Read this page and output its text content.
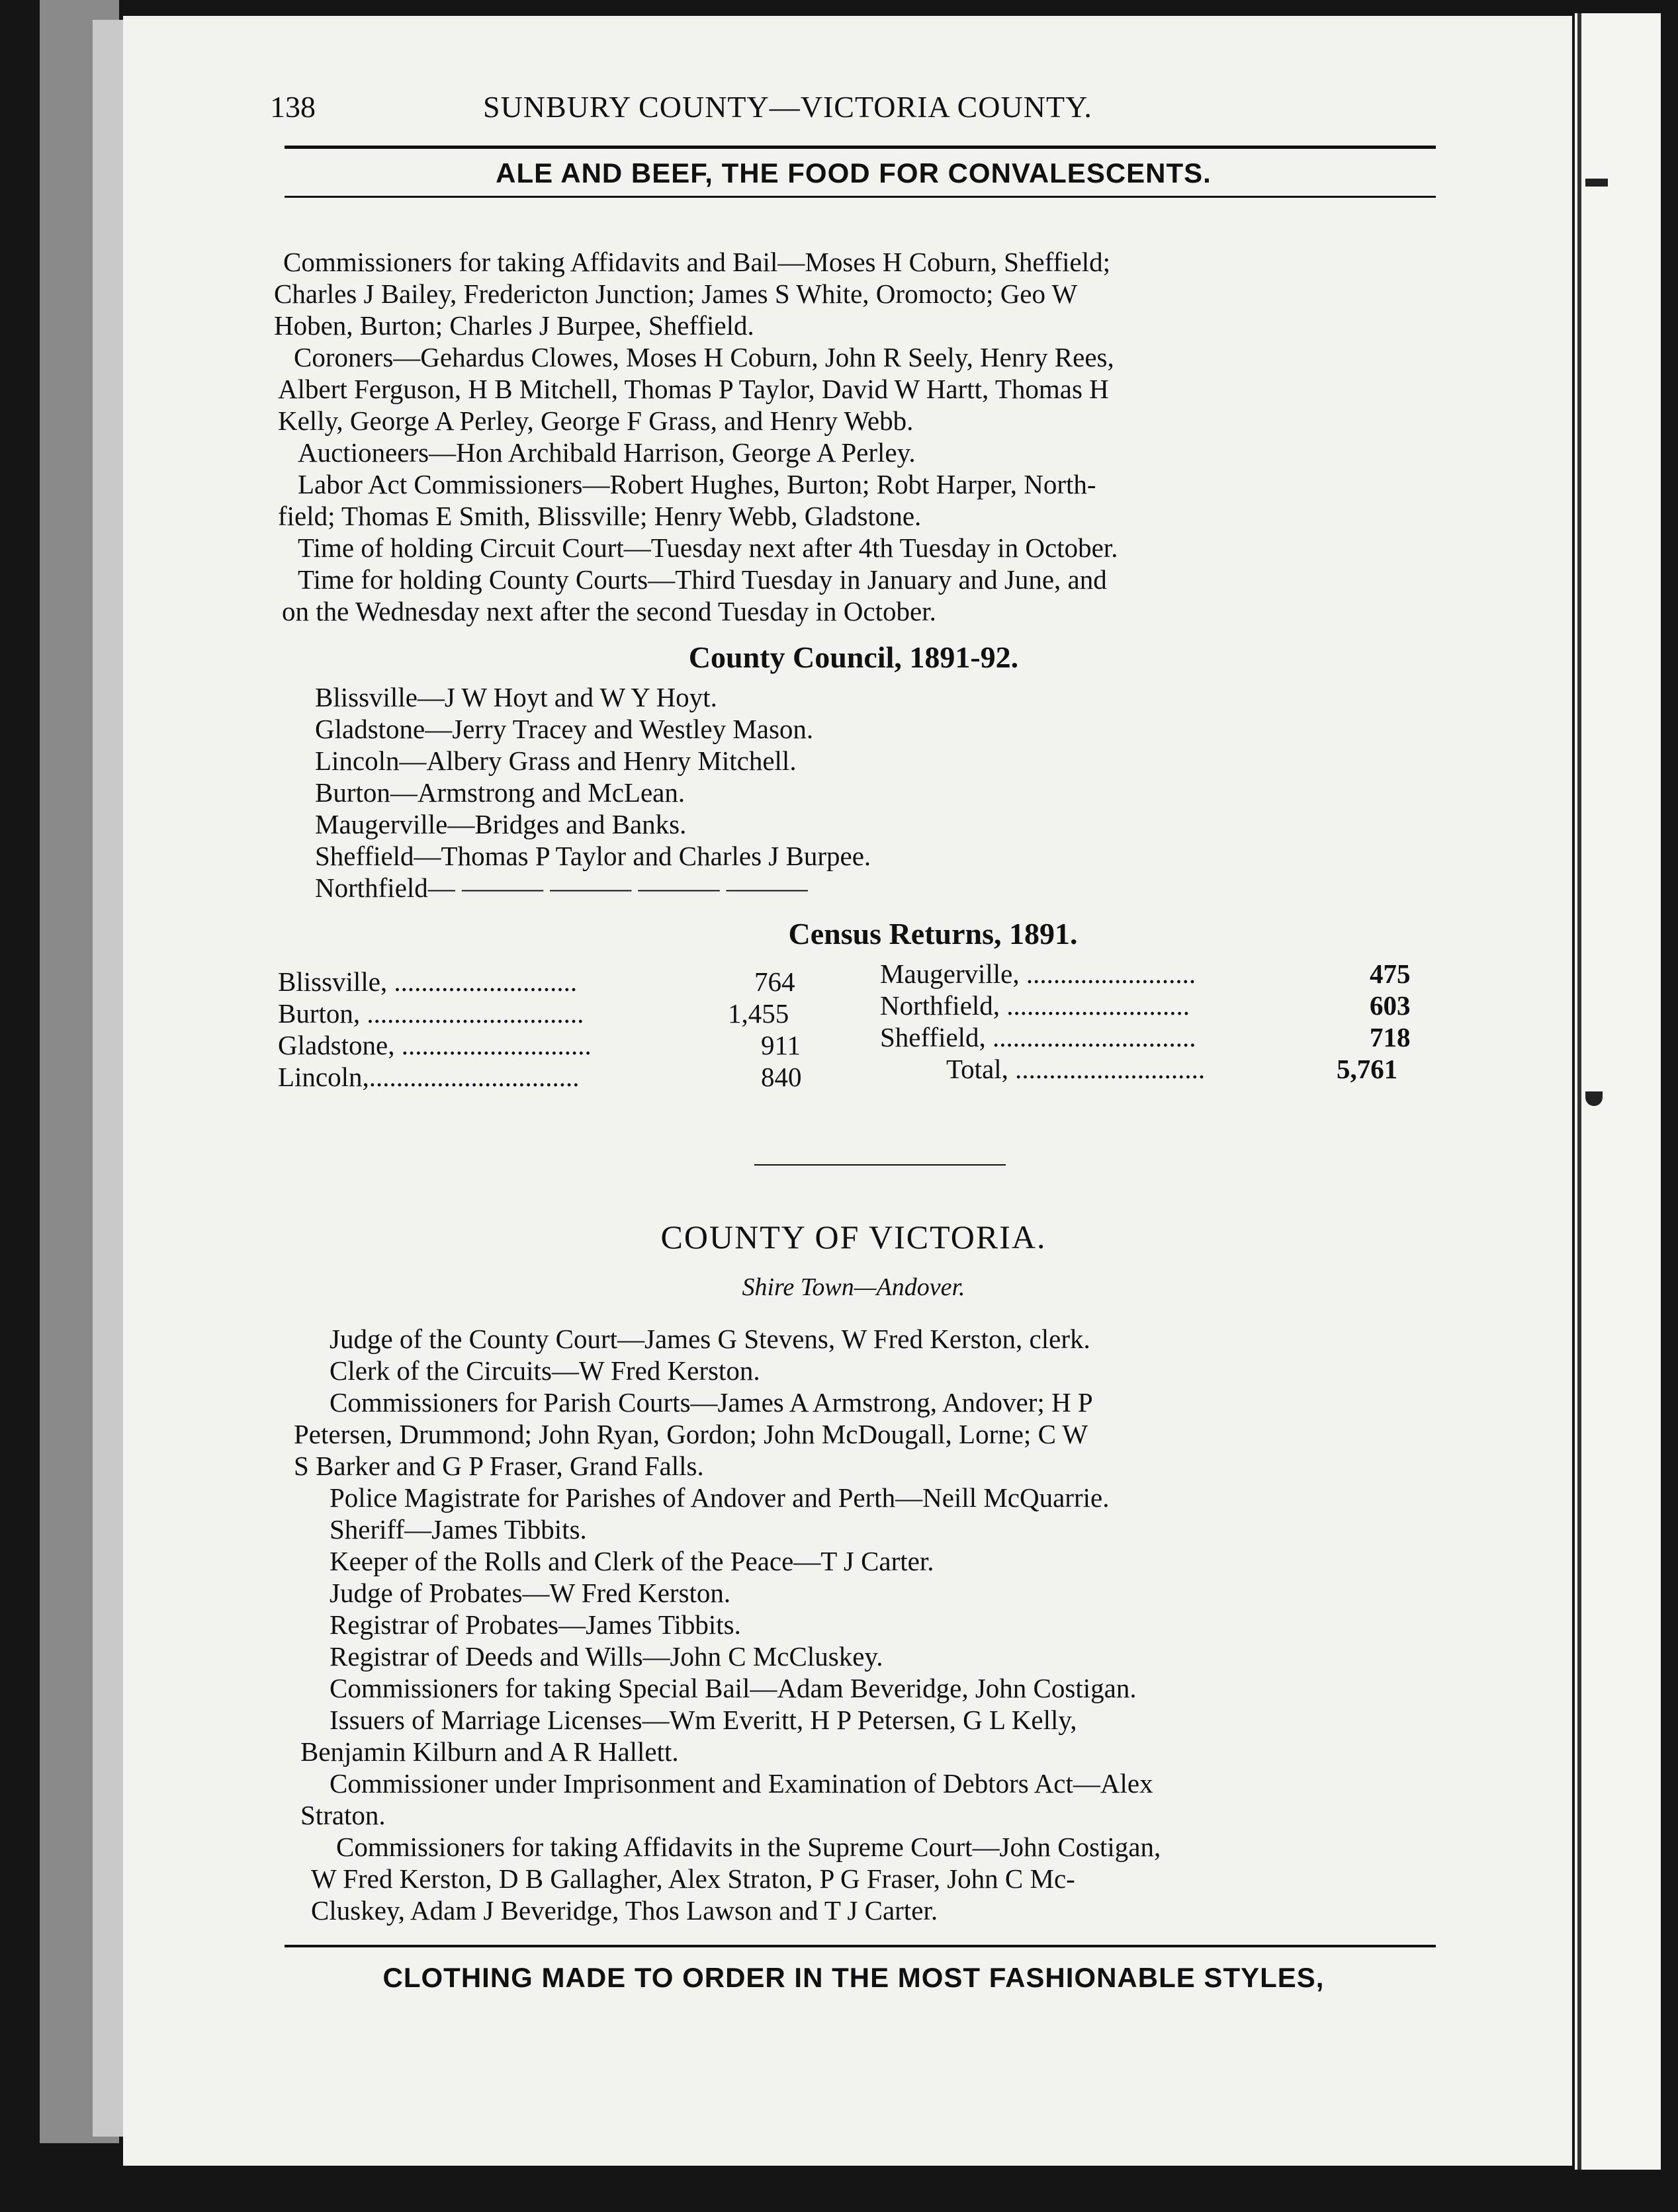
138	SUNBURY COUNTY—VICTORIA COUNTY.
ALE AND BEEF, THE FOOD FOR CONVALESCENTS.
Commissioners for taking Affidavits and Bail—Moses H Coburn, Sheffield;
Charles J Bailey, Fredericton Junction; James S White, Oromocto; Geo W
Hoben, Burton; Charles J Burpee, Sheffield.
Coroners—Gehardus Clowes, Moses H Coburn, John R Seely, Henry Rees,
Albert Ferguson, H B Mitchell, Thomas P Taylor, David W Hartt, Thomas H
Kelly, George A Perley, George F Grass, and Henry Webb.
Auctioneers—Hon Archibald Harrison, George A Perley.
Labor Act Commissioners—Robert Hughes, Burton; Robt Harper, North-
field; Thomas E Smith, Blissville; Henry Webb, Gladstone.
Time of holding Circuit Court—Tuesday next after 4th Tuesday in October.
Time for holding County Courts—Third Tuesday in January and June, and
on the Wednesday next after the second Tuesday in October.
County Council, 1891-92.
Blissville—J W Hoyt and W Y Hoyt.
Gladstone—Jerry Tracey and Westley Mason.
Lincoln—Albery Grass and Henry Mitchell.
Burton—Armstrong and McLean.
Maugerville—Bridges and Banks.
Sheffield—Thomas P Taylor and Charles J Burpee.
Northfield— ——— ——— ——— ———
Census Returns, 1891.
Blissville, ...........................	764
Burton, ................................	1,455
Gladstone, ............................	911
Lincoln,...............................	840
Maugerville, .........................	475
Northfield, ...........................	603
Sheffield, ..............................	718
Total, ............................	5,761
COUNTY OF VICTORIA.
Shire Town—Andover.
Judge of the County Court—James G Stevens, W Fred Kerston, clerk.
Clerk of the Circuits—W Fred Kerston.
Commissioners for Parish Courts—James A Armstrong, Andover; H P
Petersen, Drummond; John Ryan, Gordon; John McDougall, Lorne; C W
S Barker and G P Fraser, Grand Falls.
Police Magistrate for Parishes of Andover and Perth—Neill McQuarrie.
Sheriff—James Tibbits.
Keeper of the Rolls and Clerk of the Peace—T J Carter.
Judge of Probates—W Fred Kerston.
Registrar of Probates—James Tibbits.
Registrar of Deeds and Wills—John C McCluskey.
Commissioners for taking Special Bail—Adam Beveridge, John Costigan.
Issuers of Marriage Licenses—Wm Everitt, H P Petersen, G L Kelly,
Benjamin Kilburn and A R Hallett.
Commissioner under Imprisonment and Examination of Debtors Act—Alex
Straton.
Commissioners for taking Affidavits in the Supreme Court—John Costigan,
W Fred Kerston, D B Gallagher, Alex Straton, P G Fraser, John C Mc-
Cluskey, Adam J Beveridge, Thos Lawson and T J Carter.
CLOTHING MADE TO ORDER IN THE MOST FASHIONABLE STYLES,
